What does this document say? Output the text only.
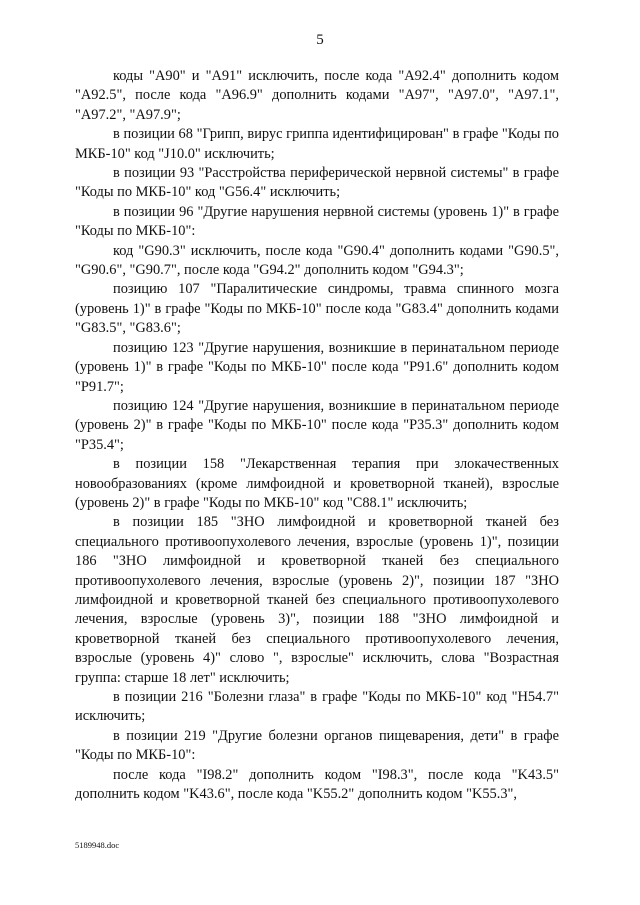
5

коды "A90" и "A91" исключить, после кода "A92.4" дополнить кодом "A92.5", после кода "A96.9" дополнить кодами "A97", "A97.0", "A97.1", "A97.2", "A97.9";

в позиции 68 "Грипп, вирус гриппа идентифицирован" в графе "Коды по МКБ-10" код "J10.0" исключить;

в позиции 93 "Расстройства периферической нервной системы" в графе "Коды по МКБ-10" код "G56.4" исключить;

в позиции 96 "Другие нарушения нервной системы (уровень 1)" в графе "Коды по МКБ-10":

код "G90.3" исключить, после кода "G90.4" дополнить кодами "G90.5", "G90.6", "G90.7", после кода "G94.2" дополнить кодом "G94.3";

позицию 107 "Паралитические синдромы, травма спинного мозга (уровень 1)" в графе "Коды по МКБ-10" после кода "G83.4" дополнить кодами "G83.5", "G83.6";

позицию 123 "Другие нарушения, возникшие в перинатальном периоде (уровень 1)" в графе "Коды по МКБ-10" после кода "P91.6" дополнить кодом "P91.7";

позицию 124 "Другие нарушения, возникшие в перинатальном периоде (уровень 2)" в графе "Коды по МКБ-10" после кода "P35.3" дополнить кодом "P35.4";

в позиции 158 "Лекарственная терапия при злокачественных новообразованиях (кроме лимфоидной и кроветворной тканей), взрослые (уровень 2)" в графе "Коды по МКБ-10" код "C88.1" исключить;

в позиции 185 "ЗНО лимфоидной и кроветворной тканей без специального противоопухолевого лечения, взрослые (уровень 1)", позиции 186 "ЗНО лимфоидной и кроветворной тканей без специального противоопухолевого лечения, взрослые (уровень 2)", позиции 187 "ЗНО лимфоидной и кроветворной тканей без специального противоопухолевого лечения, взрослые (уровень 3)", позиции 188 "ЗНО лимфоидной и кроветворной тканей без специального противоопухолевого лечения, взрослые (уровень 4)" слово ", взрослые" исключить, слова "Возрастная группа: старше 18 лет" исключить;

в позиции 216 "Болезни глаза" в графе "Коды по МКБ-10" код "H54.7" исключить;

в позиции 219 "Другие болезни органов пищеварения, дети" в графе "Коды по МКБ-10":

после кода "I98.2" дополнить кодом "I98.3", после кода "K43.5" дополнить кодом "K43.6", после кода "K55.2" дополнить кодом "K55.3",

5189948.doc
